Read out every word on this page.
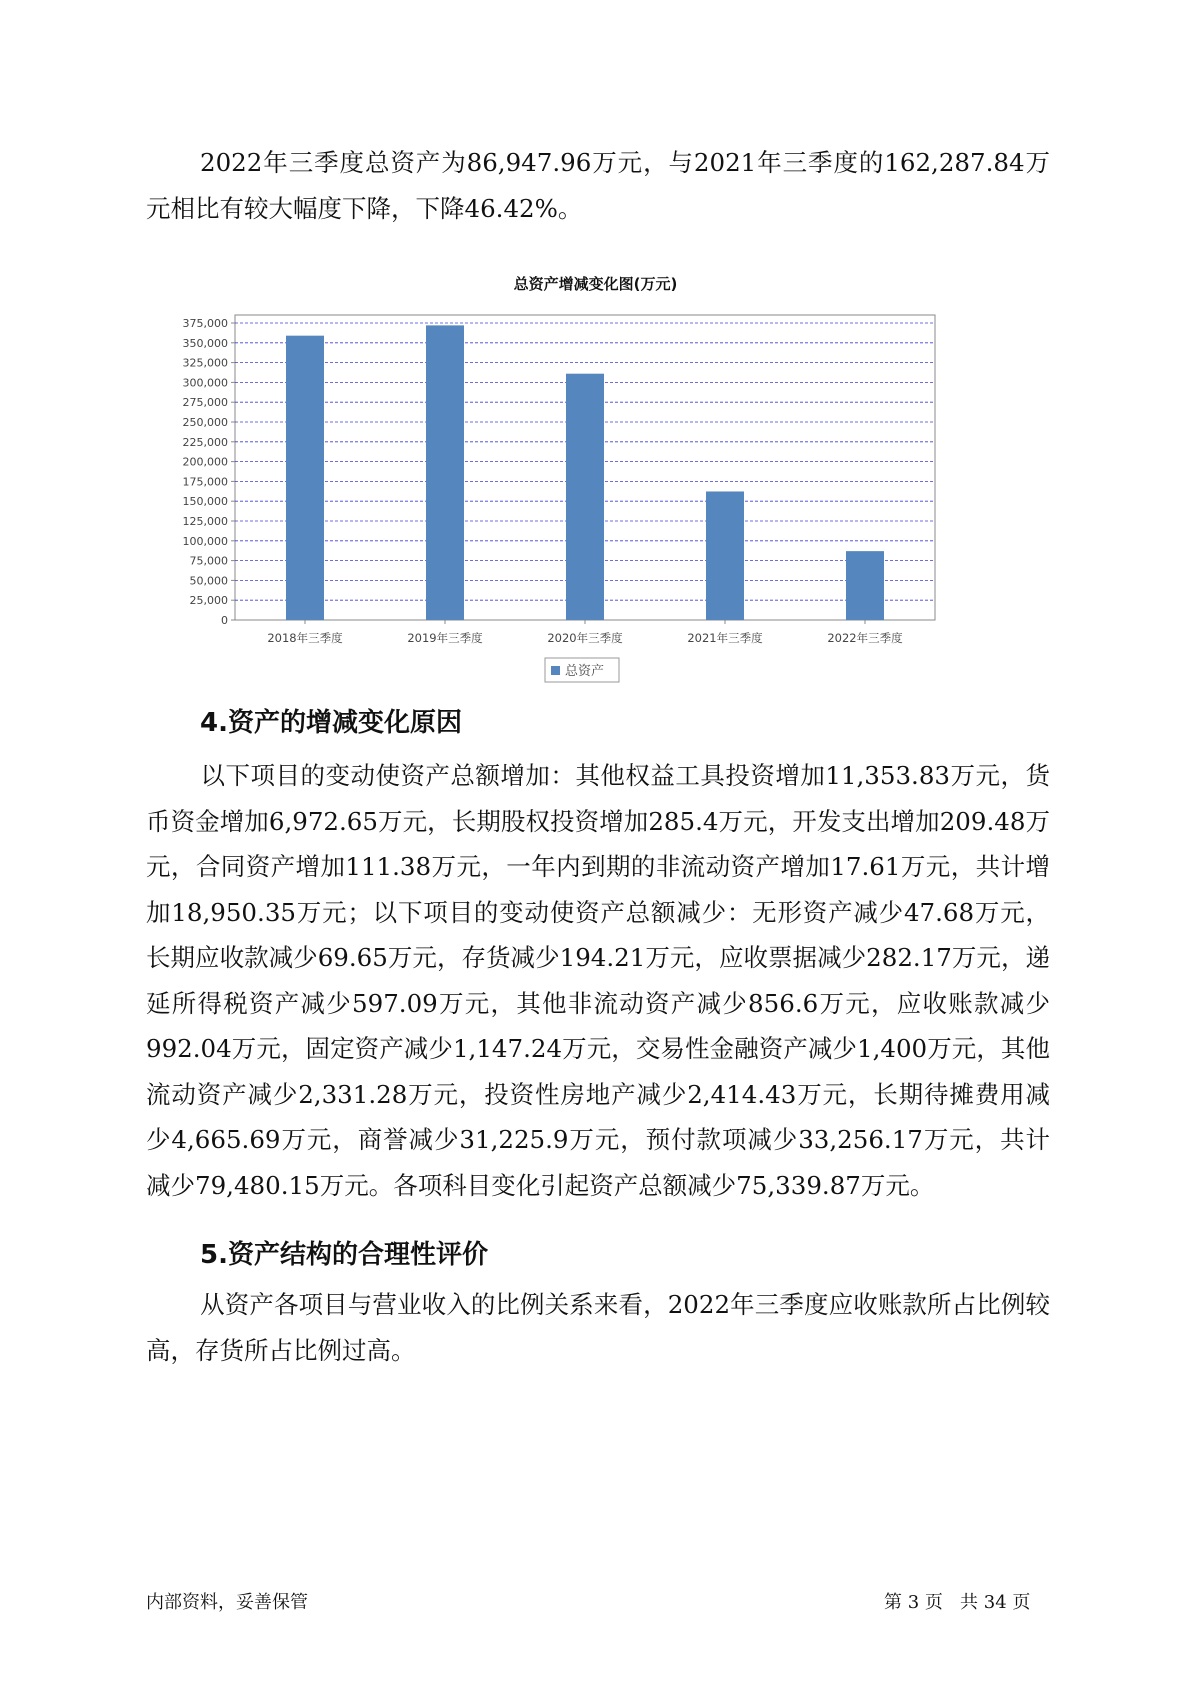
2022年三季度总资产为86,947.96万元，与2021年三季度的162,287.84万元相比有较大幅度下降，下降46.42%。

总资产增减变化图(万元)
0
25,000
50,000
75,000
100,000
125,000
150,000
175,000
200,000
225,000
250,000
275,000
300,000
325,000
350,000
375,000
2018年三季度	2019年三季度	2020年三季度	2021年三季度	2022年三季度
总资产
4.资产的增减变化原因

以下项目的变动使资产总额增加：其他权益工具投资增加11,353.83万元，货币资金增加6,972.65万元，长期股权投资增加285.4万元，开发支出增加209.48万元，合同资产增加111.38万元，一年内到期的非流动资产增加17.61万元，共计增加18,950.35万元；以下项目的变动使资产总额减少：无形资产减少47.68万元，长期应收款减少69.65万元，存货减少194.21万元，应收票据减少282.17万元，递延所得税资产减少597.09万元，其他非流动资产减少856.6万元，应收账款减少992.04万元，固定资产减少1,147.24万元，交易性金融资产减少1,400万元，其他流动资产减少2,331.28万元，投资性房地产减少2,414.43万元，长期待摊费用减少4,665.69万元，商誉减少31,225.9万元，预付款项减少33,256.17万元，共计减少79,480.15万元。各项科目变化引起资产总额减少75,339.87万元。

5.资产结构的合理性评价

从资产各项目与营业收入的比例关系来看，2022年三季度应收账款所占比例较高，存货所占比例过高。

内部资料，妥善保管	第 3 页   共 34 页
